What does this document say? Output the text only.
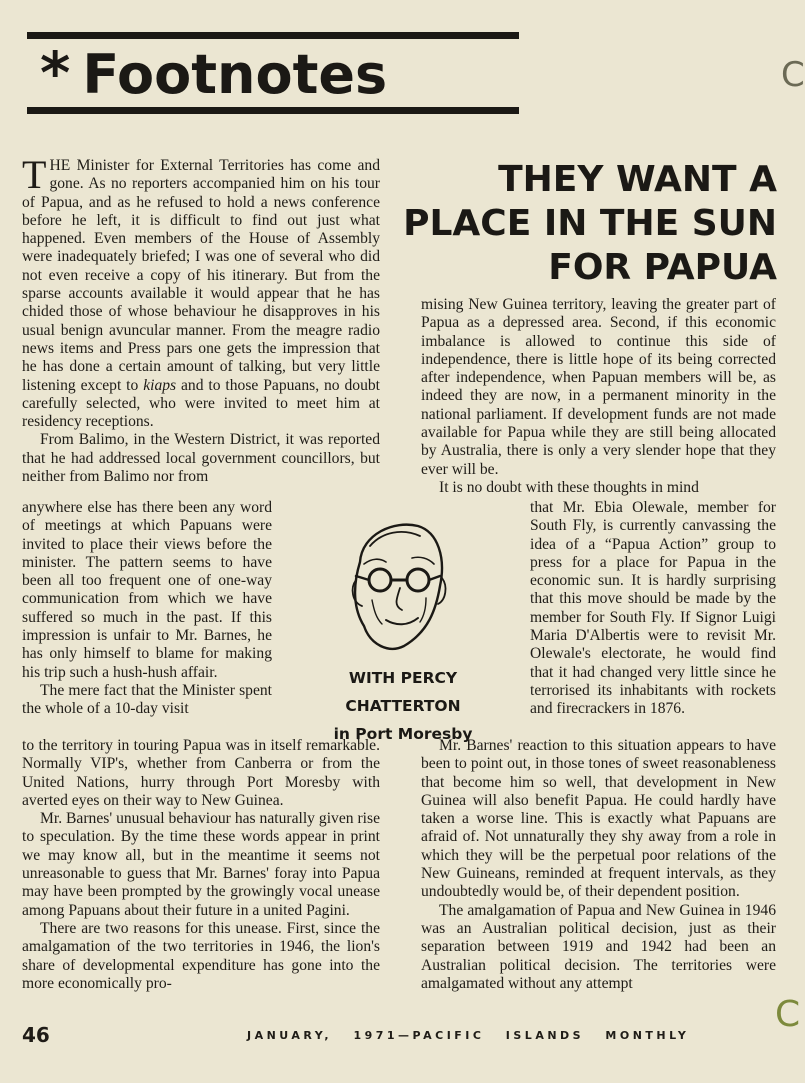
* Footnotes	C
THEY WANT A PLACE IN THE SUN FOR PAPUA

THE Minister for External Territories has come and gone. As no reporters accompanied him on his tour of Papua, and as he refused to hold a news conference before he left, it is difficult to find out just what happened. Even members of the House of Assembly were inadequately briefed; I was one of several who did not even receive a copy of his itinerary. But from the sparse accounts available it would appear that he has chided those of whose behaviour he disapproves in his usual benign avuncular manner. From the meagre radio news items and Press pars one gets the impression that he has done a certain amount of talking, but very little listening except to kiaps and to those Papuans, no doubt carefully selected, who were invited to meet him at residency receptions.

From Balimo, in the Western District, it was reported that he had addressed local government councillors, but neither from Balimo nor from

anywhere else has there been any word of meetings at which Papuans were invited to place their views before the minister. The pattern seems to have been all too frequent one of one-way communication from which we have suffered so much in the past. If this impression is unfair to Mr. Barnes, he has only himself to blame for making his trip such a hush-hush affair.

The mere fact that the Minister spent the whole of a 10-day visit

to the territory in touring Papua was in itself remarkable. Normally VIP's, whether from Canberra or from the United Nations, hurry through Port Moresby with averted eyes on their way to New Guinea.

Mr. Barnes' unusual behaviour has naturally given rise to speculation. By the time these words appear in print we may know all, but in the meantime it seems not unreasonable to guess that Mr. Barnes' foray into Papua may have been prompted by the growingly vocal unease among Papuans about their future in a united Pagini.

There are two reasons for this unease. First, since the amalgamation of the two territories in 1946, the lion's share of developmental expenditure has gone into the more economically pro-

WITH PERCY CHATTERTON
in Port Moresby

mising New Guinea territory, leaving the greater part of Papua as a depressed area. Second, if this economic imbalance is allowed to continue this side of independence, there is little hope of its being corrected after independence, when Papuan members will be, as indeed they are now, in a permanent minority in the national parliament. If development funds are not made available for Papua while they are still being allocated by Australia, there is only a very slender hope that they ever will be.

It is no doubt with these thoughts in mind

that Mr. Ebia Olewale, member for South Fly, is currently canvassing the idea of a “Papua Action” group to press for a place for Papua in the economic sun. It is hardly surprising that this move should be made by the member for South Fly. If Signor Luigi Maria D'Albertis were to revisit Mr. Olewale's electorate, he would find that it had changed very little since he terrorised its inhabitants with rockets and firecrackers in 1876.

Mr. Barnes' reaction to this situation appears to have been to point out, in those tones of sweet reasonableness that become him so well, that development in New Guinea will also benefit Papua. He could hardly have taken a worse line. This is exactly what Papuans are afraid of. Not unnaturally they shy away from a role in which they will be the perpetual poor relations of the New Guineans, reminded at frequent intervals, as they undoubtedly would be, of their dependent position.

The amalgamation of Papua and New Guinea in 1946 was an Australian political decision, just as their separation between 1919 and 1942 had been an Australian political decision. The territories were amalgamated without any attempt

46	JANUARY, 1971—PACIFIC ISLANDS MONTHLY
C
